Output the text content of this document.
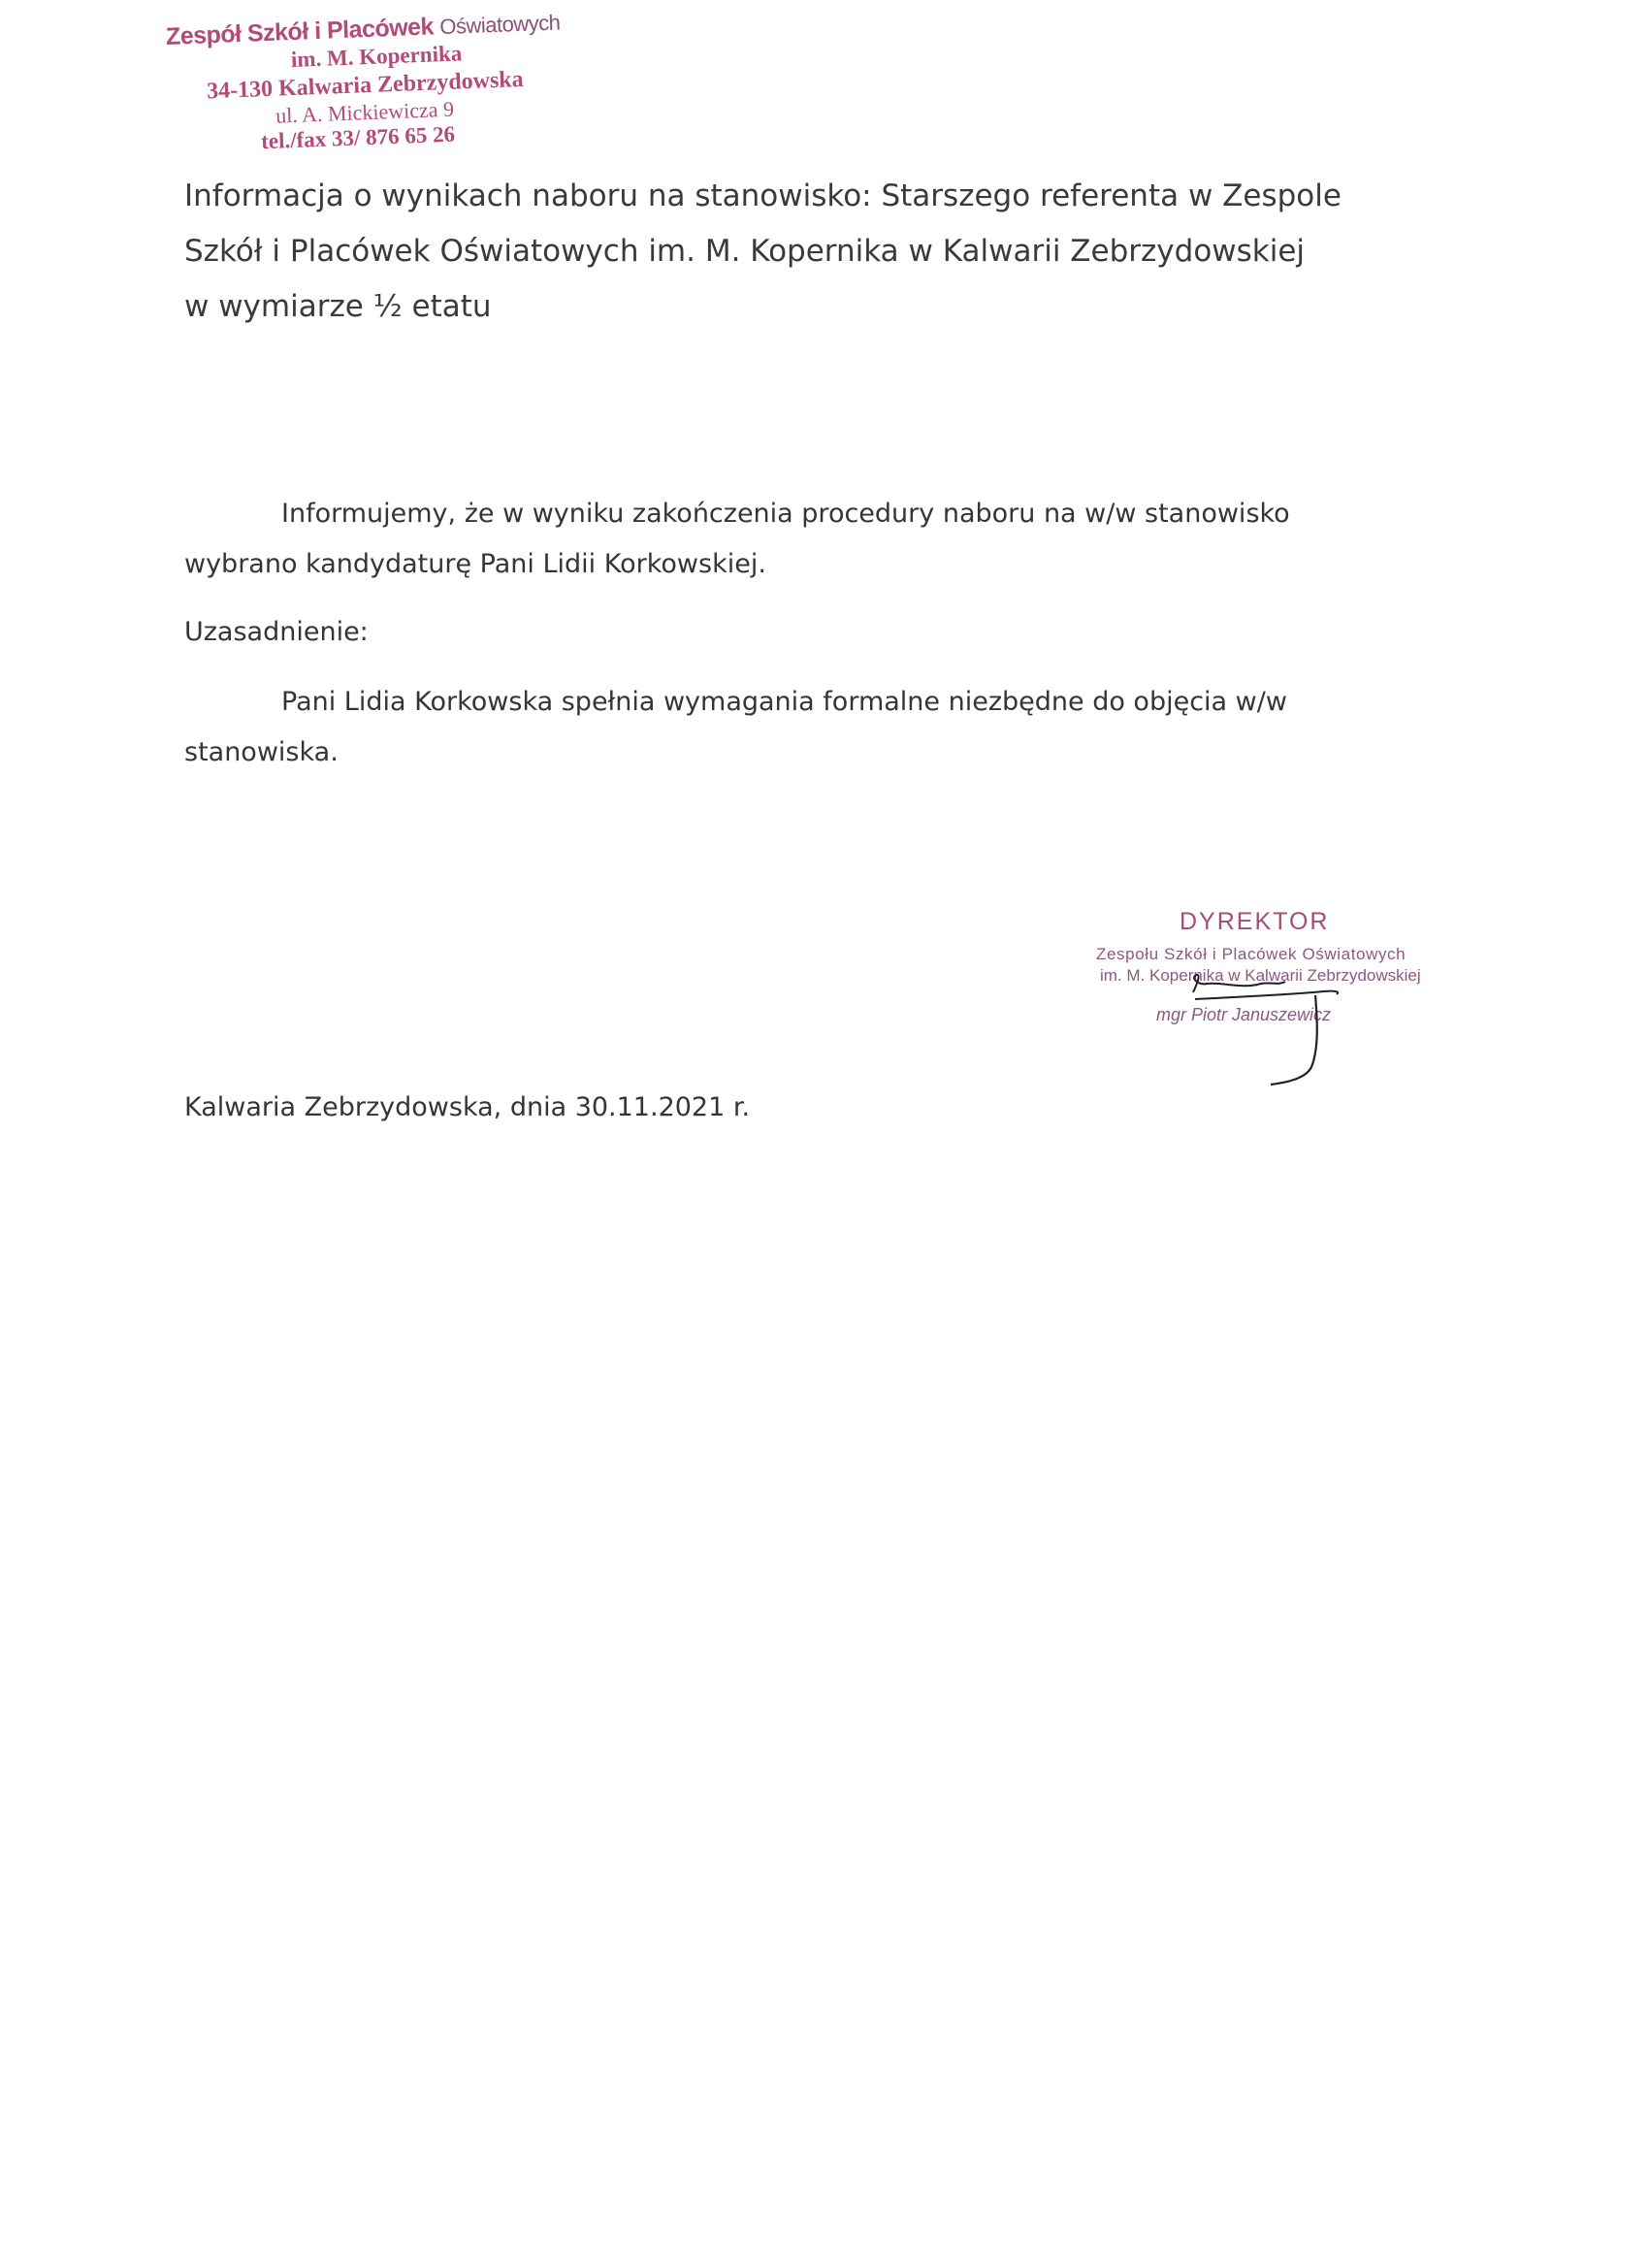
Zespół Szkół i Placówek Oświatowych
im. M. Kopernika
34-130 Kalwaria Zebrzydowska
ul. A. Mickiewicza 9
tel./fax 33/ 876 65 26
Informacja o wynikach naboru na stanowisko: Starszego referenta w Zespole
Szkół i Placówek Oświatowych im. M. Kopernika w Kalwarii Zebrzydowskiej
w wymiarze ½ etatu
Informujemy, że w wyniku zakończenia procedury naboru na w/w stanowisko
wybrano kandydaturę Pani Lidii Korkowskiej.
Uzasadnienie:
Pani Lidia Korkowska spełnia wymagania formalne niezbędne do objęcia w/w
stanowiska.
DYREKTOR
Zespołu Szkół i Placówek Oświatowych
im. M. Kopernika w Kalwarii Zebrzydowskiej
mgr Piotr Januszewicz
Kalwaria Zebrzydowska, dnia 30.11.2021 r.
